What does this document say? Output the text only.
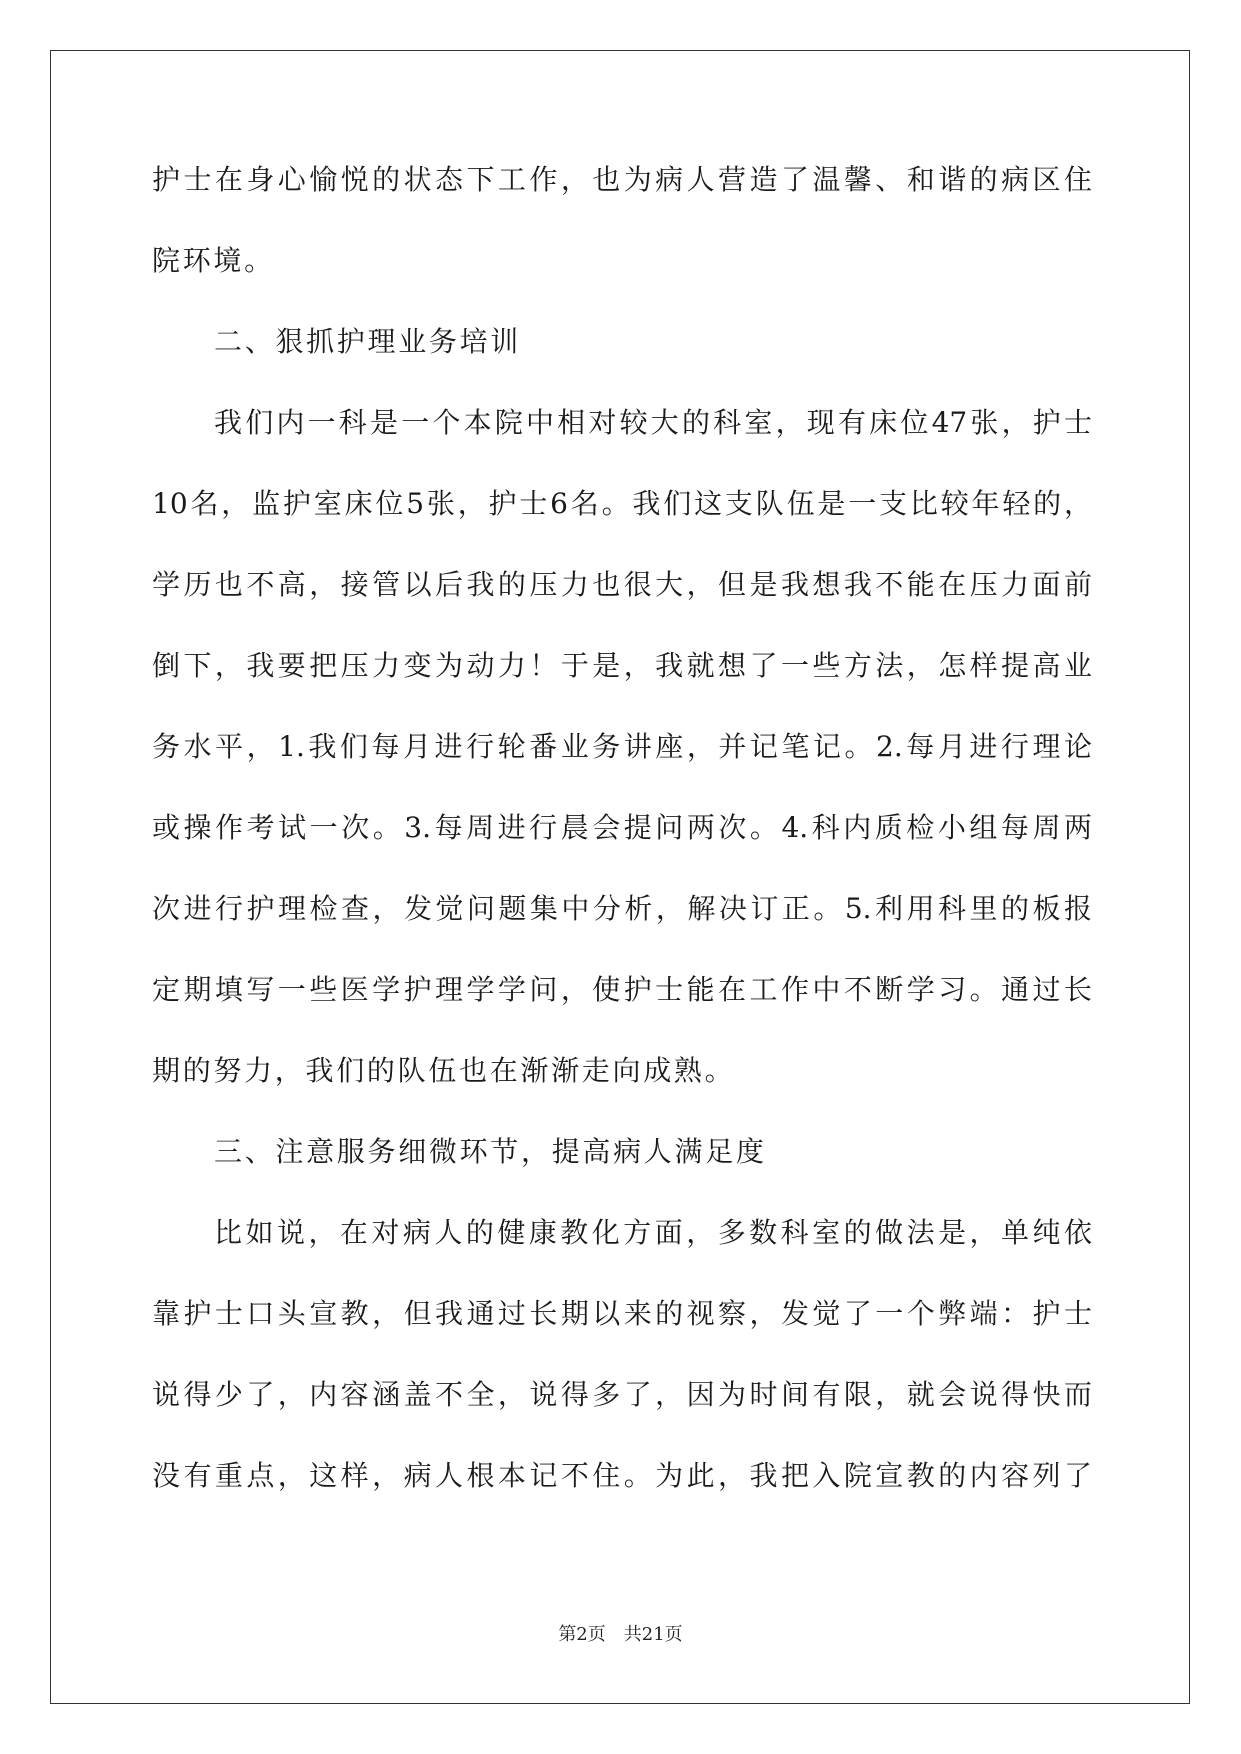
护士在身心愉悦的状态下工作，也为病人营造了温馨、和谐的病区住
院环境。
二、狠抓护理业务培训
我们内一科是一个本院中相对较大的科室，现有床位47张，护士
10名，监护室床位5张，护士6名。我们这支队伍是一支比较年轻的，
学历也不高，接管以后我的压力也很大，但是我想我不能在压力面前
倒下，我要把压力变为动力！于是，我就想了一些方法，怎样提高业
务水平，1.我们每月进行轮番业务讲座，并记笔记。2.每月进行理论
或操作考试一次。3.每周进行晨会提问两次。4.科内质检小组每周两
次进行护理检查，发觉问题集中分析，解决订正。5.利用科里的板报
定期填写一些医学护理学学问，使护士能在工作中不断学习。通过长
期的努力，我们的队伍也在渐渐走向成熟。
三、注意服务细微环节，提高病人满足度
比如说，在对病人的健康教化方面，多数科室的做法是，单纯依
靠护士口头宣教，但我通过长期以来的视察，发觉了一个弊端：护士
说得少了，内容涵盖不全，说得多了，因为时间有限，就会说得快而
没有重点，这样，病人根本记不住。为此，我把入院宣教的内容列了
第2页　共21页
